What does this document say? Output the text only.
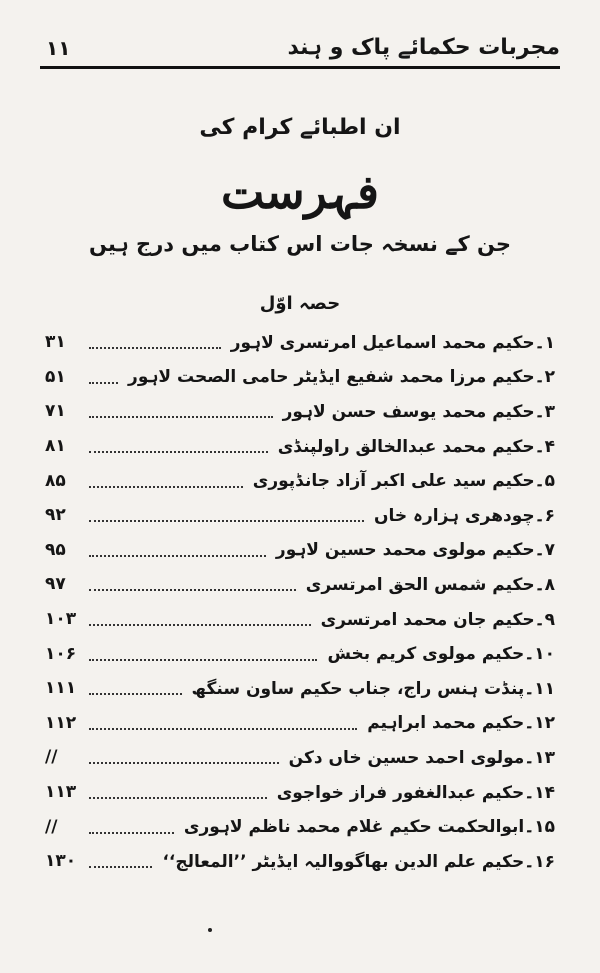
مجربات حکمائے پاک و ہند
۱۱
ان اطبائے کرام کی
فہرست
جن کے نسخہ جات اس کتاب میں درج ہیں
حصہ اوّل
۱۔حکیم محمد اسماعیل امرتسری لاہور
۳۱
۲۔حکیم مرزا محمد شفیع ایڈیٹر حامی الصحت لاہور
۵۱
۳۔حکیم محمد یوسف حسن لاہور
۷۱
۴۔حکیم محمد عبدالخالق راولپنڈی
۸۱
۵۔حکیم سید علی اکبر آزاد جانڈپوری
۸۵
۶۔چودھری ہزارہ خاں
۹۲
۷۔حکیم مولوی محمد حسین لاہور
۹۵
۸۔حکیم شمس الحق امرتسری
۹۷
۹۔حکیم جان محمد امرتسری
۱۰۳
۱۰۔حکیم مولوی کریم بخش
۱۰۶
۱۱۔پنڈت ہنس راج، جناب حکیم ساون سنگھ
۱۱۱
۱۲۔حکیم محمد ابراہیم
۱۱۲
۱۳۔مولوی احمد حسین خاں دکن
//
۱۴۔حکیم عبدالغفور فراز خواجوی
۱۱۳
۱۵۔ابوالحکمت حکیم غلام محمد ناظم لاہوری
//
۱۶۔حکیم علم الدین بھاگووالیہ ایڈیٹر ’’المعالج‘‘
۱۳۰
